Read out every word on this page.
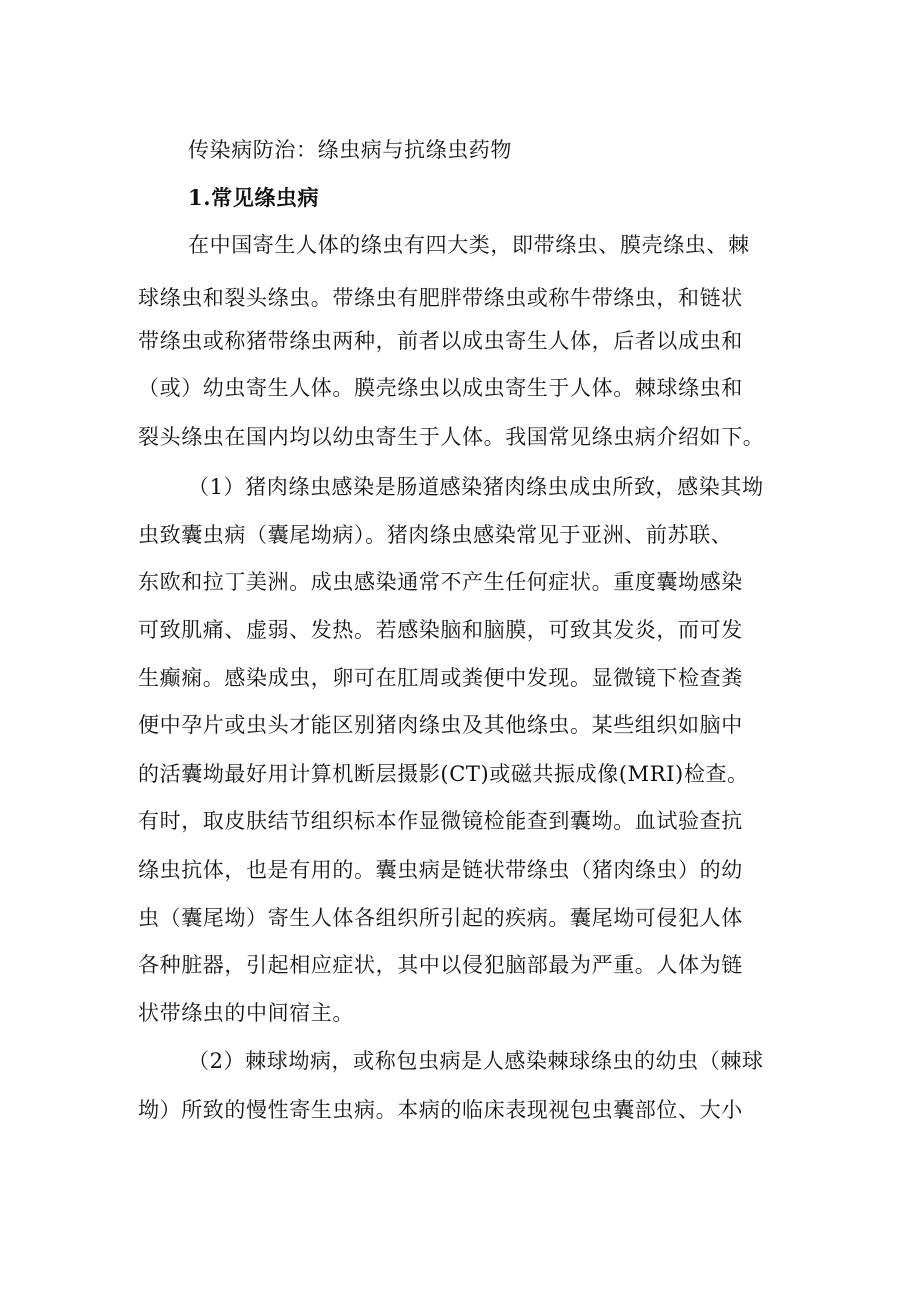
传染病防治：绦虫病与抗绦虫药物
1.常见绦虫病
在中国寄生人体的绦虫有四大类，即带绦虫、膜壳绦虫、棘
球绦虫和裂头绦虫。带绦虫有肥胖带绦虫或称牛带绦虫，和链状
带绦虫或称猪带绦虫两种，前者以成虫寄生人体，后者以成虫和
（或）幼虫寄生人体。膜壳绦虫以成虫寄生于人体。棘球绦虫和
裂头绦虫在国内均以幼虫寄生于人体。我国常见绦虫病介绍如下。
（1）猪肉绦虫感染是肠道感染猪肉绦虫成虫所致，感染其坳
虫致囊虫病（囊尾坳病）。猪肉绦虫感染常见于亚洲、前苏联、
东欧和拉丁美洲。成虫感染通常不产生任何症状。重度囊坳感染
可致肌痛、虚弱、发热。若感染脑和脑膜，可致其发炎，而可发
生癫痫。感染成虫，卵可在肛周或粪便中发现。显微镜下检查粪
便中孕片或虫头才能区别猪肉绦虫及其他绦虫。某些组织如脑中
的活囊坳最好用计算机断层摄影(CT)或磁共振成像(MRI)检查。
有时，取皮肤结节组织标本作显微镜检能查到囊坳。血试验查抗
绦虫抗体，也是有用的。囊虫病是链状带绦虫（猪肉绦虫）的幼
虫（囊尾坳）寄生人体各组织所引起的疾病。囊尾坳可侵犯人体
各种脏器，引起相应症状，其中以侵犯脑部最为严重。人体为链
状带绦虫的中间宿主。
（2）棘球坳病，或称包虫病是人感染棘球绦虫的幼虫（棘球
坳）所致的慢性寄生虫病。本病的临床表现视包虫囊部位、大小
